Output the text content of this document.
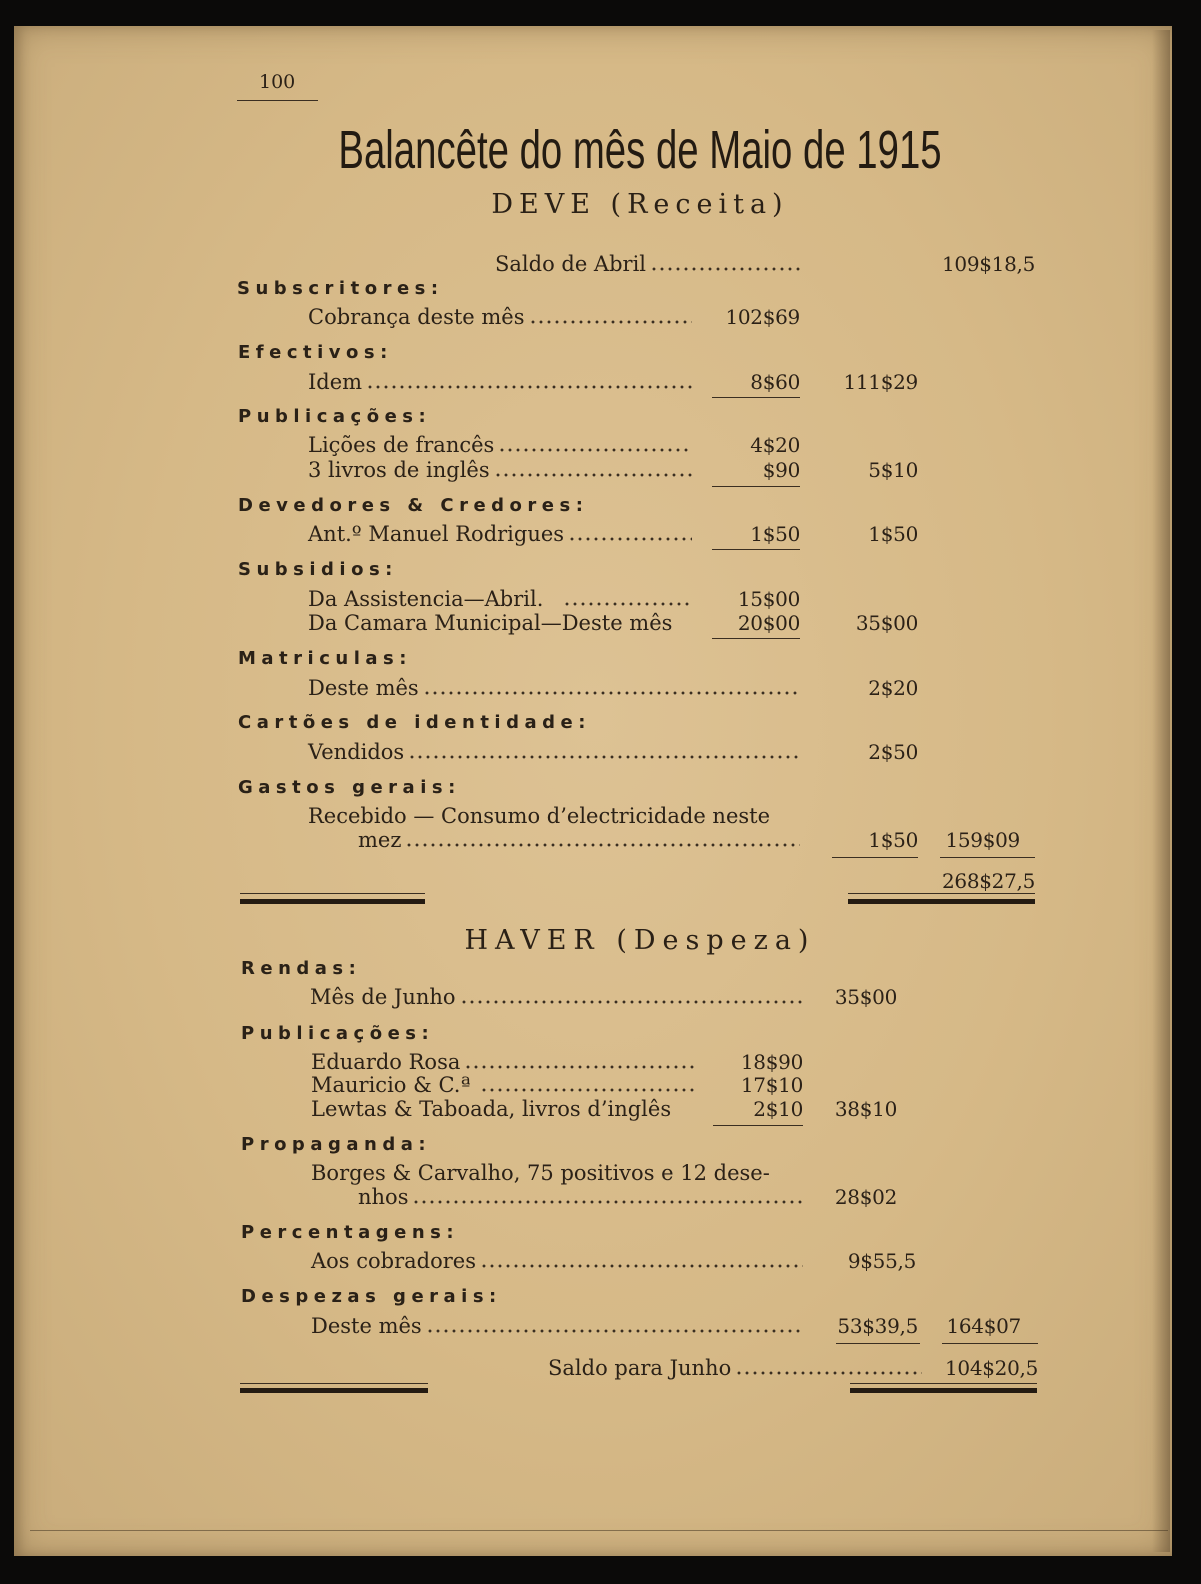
100
Balancête do mês de Maio de 1915
DEVE (Receita)
Saldo de Abril	109$18,5
Subscritores:
Cobrança deste mês	102$69
Efectivos:
Idem	8$60	111$29
Publicações:
Lições de francês	4$20
3 livros de inglês	$90	5$10
Devedores & Credores:
Ant.º Manuel Rodrigues	1$50	1$50
Subsidios:
Da Assistencia—Abril.	15$00
Da Camara Municipal—Deste mês	20$00	35$00
Matriculas:
Deste mês	2$20
Cartões de identidade:
Vendidos	2$50
Gastos gerais:
Recebido — Consumo d’electricidade neste
mez	1$50	159$09
268$27,5
HAVER (Despeza)
Rendas:
Mês de Junho	35$00
Publicações:
Eduardo Rosa	18$90
Mauricio & C.ª	17$10
Lewtas & Taboada, livros d’inglês	2$10	38$10
Propaganda:
Borges & Carvalho, 75 positivos e 12 dese-
nhos	28$02
Percentagens:
Aos cobradores	9$55,5
Despezas gerais:
Deste mês	53$39,5	164$07
Saldo para Junho	104$20,5
